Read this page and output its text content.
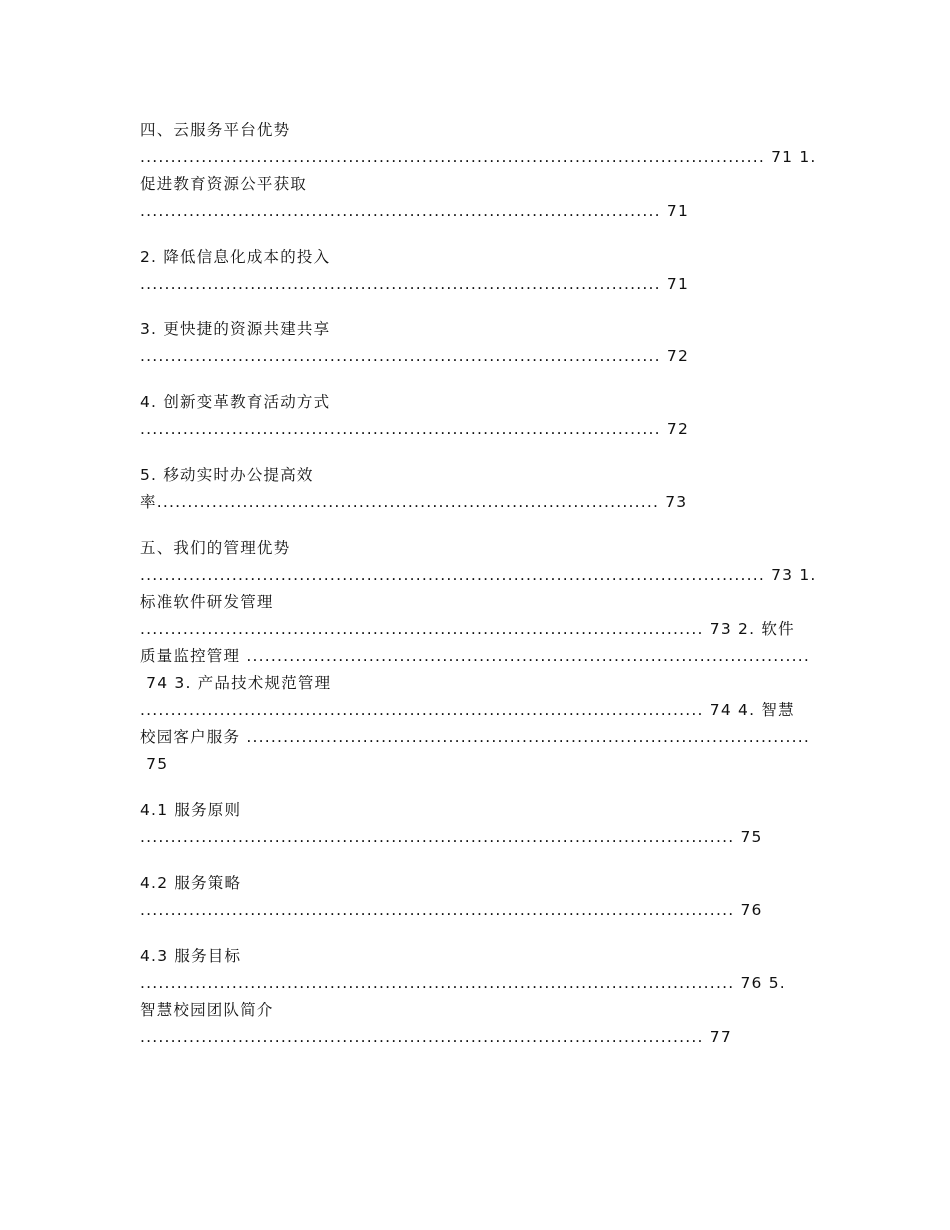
四、云服务平台优势
...................................................................................................... 71 1.
促进教育资源公平获取
..................................................................................... 71
2. 降低信息化成本的投入
..................................................................................... 71
3. 更快捷的资源共建共享
..................................................................................... 72
4. 创新变革教育活动方式
..................................................................................... 72
5. 移动实时办公提高效
率.................................................................................. 73
五、我们的管理优势
...................................................................................................... 73 1.
标准软件研发管理
............................................................................................ 73 2. 软件
质量监控管理 ............................................................................................
74 3. 产品技术规范管理
............................................................................................ 74 4. 智慧
校园客户服务 ............................................................................................
75
4.1 服务原则
................................................................................................. 75
4.2 服务策略
................................................................................................. 76
4.3 服务目标
................................................................................................. 76 5.
智慧校园团队简介
............................................................................................ 77
